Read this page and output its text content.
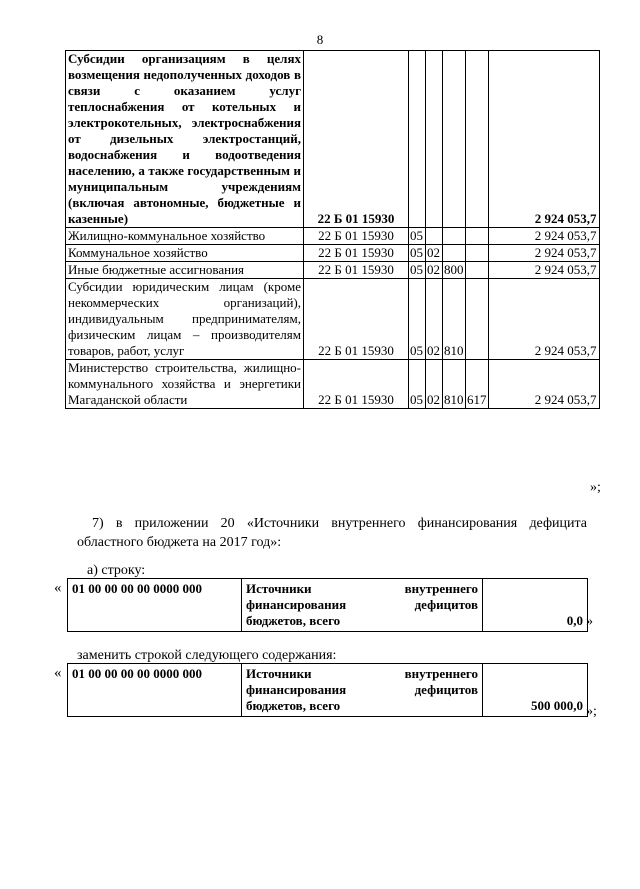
8
Субсидии организациям в целях возмещения недополученных доходов в связи с оказанием услуг теплоснабжения от котельных и электрокотельных, электроснабжения от дизельных электростанций, водоснабжения и водоотведения населению, а также государственным и муниципальным учреждениям (включая автономные, бюджетные и казенные)	22 Б 01 15930					2 924 053,7
Жилищно-коммунальное хозяйство	22 Б 01 15930	05				2 924 053,7
Коммунальное хозяйство	22 Б 01 15930	05	02			2 924 053,7
Иные бюджетные ассигнования	22 Б 01 15930	05	02	800		2 924 053,7
Субсидии юридическим лицам (кроме некоммерческих организаций), индивидуальным предпринимателям, физическим лицам – производителям товаров, работ, услуг	22 Б 01 15930	05	02	810		2 924 053,7
Министерство строительства, жилищно-коммунального хозяйства и энергетики Магаданской области	22 Б 01 15930	05	02	810	617	2 924 053,7
»;
7) в приложении 20 «Источники внутреннего финансирования дефицита областного бюджета на 2017 год»:
а) строку:
« 01 00 00 00 00 0000 000	Источники внутреннего
финансирования дефицитов
бюджетов, всего	0,0 »
заменить строкой следующего содержания:
« 01 00 00 00 00 0000 000	Источники внутреннего
финансирования дефицитов
бюджетов, всего	500 000,0 »;
